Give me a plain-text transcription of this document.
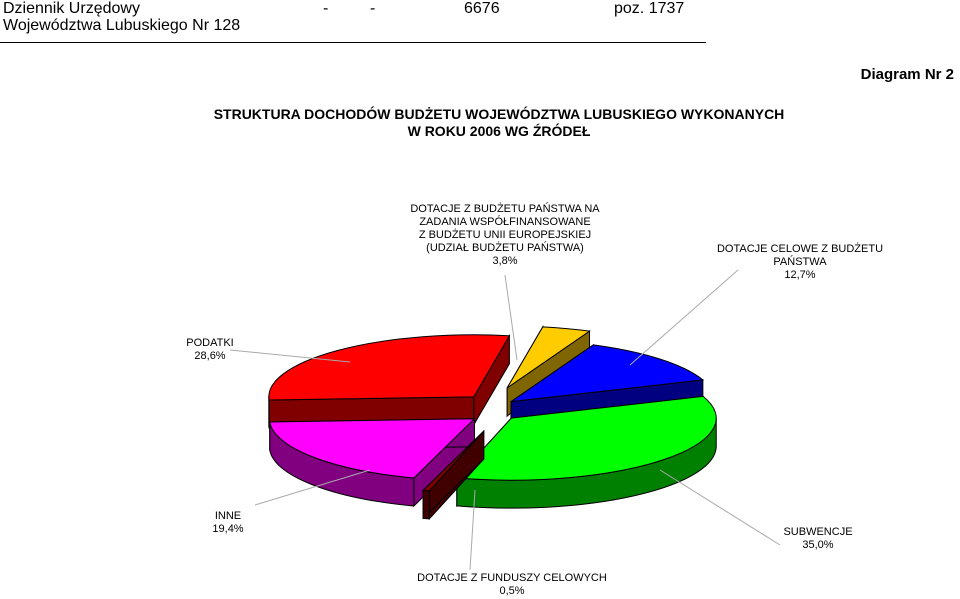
Dziennik Urzędowy	-	-	6676	poz. 1737
Województwa Lubuskiego Nr 128
Diagram Nr 2
STRUKTURA DOCHODÓW BUDŻETU WOJEWÓDZTWA LUBUSKIEGO WYKONANYCH
W ROKU 2006 WG ŹRÓDEŁ
DOTACJE Z BUDŻETU PAŃSTWA NA
ZADANIA WSPÓŁFINANSOWANE
Z BUDŻETU UNII EUROPEJSKIEJ
(UDZIAŁ BUDŻETU PAŃSTWA)
3,8%
DOTACJE CELOWE Z BUDŻETU
PAŃSTWA
12,7%
SUBWENCJE
35,0%
DOTACJE Z FUNDUSZY CELOWYCH
0,5%
INNE
19,4%
PODATKI
28,6%
